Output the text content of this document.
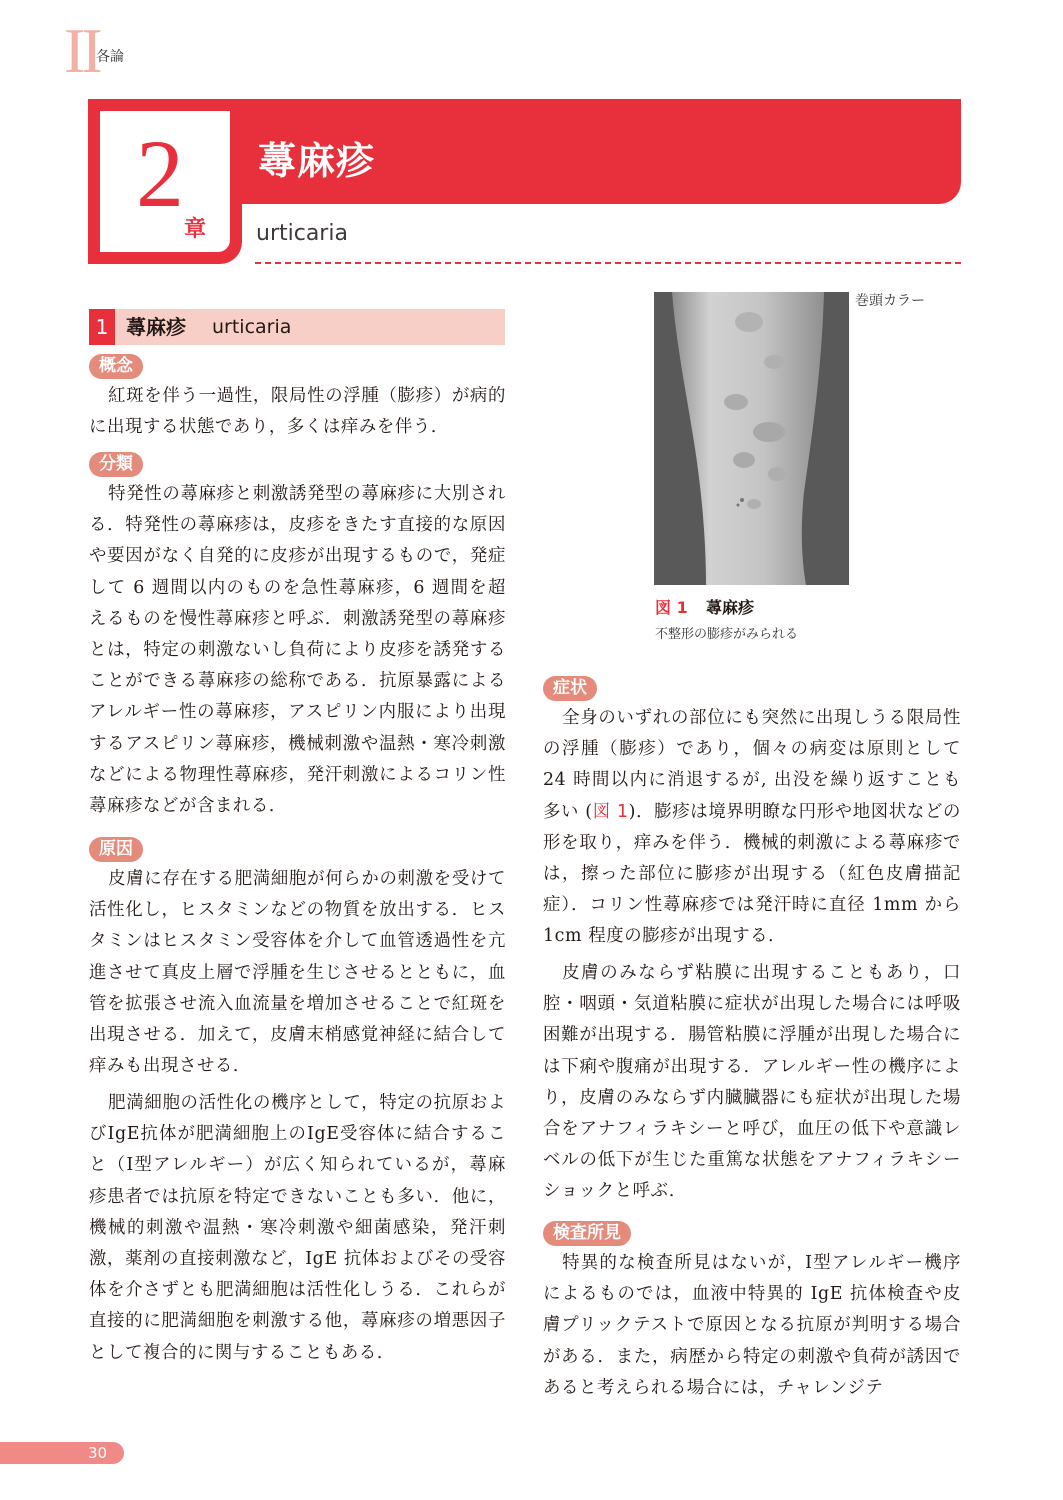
II
各論
2
章
蕁麻疹
urticaria
1 蕁麻疹 urticaria
概念

紅斑を伴う一過性，限局性の浮腫（膨疹）が病的に出現する状態であり，多くは痒みを伴う．

分類

特発性の蕁麻疹と刺激誘発型の蕁麻疹に大別される．特発性の蕁麻疹は，皮疹をきたす直接的な原因や要因がなく自発的に皮疹が出現するもので，発症して 6 週間以内のものを急性蕁麻疹，6 週間を超えるものを慢性蕁麻疹と呼ぶ．刺激誘発型の蕁麻疹とは，特定の刺激ないし負荷により皮疹を誘発することができる蕁麻疹の総称である．抗原暴露によるアレルギー性の蕁麻疹，アスピリン内服により出現するアスピリン蕁麻疹，機械刺激や温熱・寒冷刺激などによる物理性蕁麻疹，発汗刺激によるコリン性蕁麻疹などが含まれる．

原因

皮膚に存在する肥満細胞が何らかの刺激を受けて活性化し，ヒスタミンなどの物質を放出する．ヒスタミンはヒスタミン受容体を介して血管透過性を亢進させて真皮上層で浮腫を生じさせるとともに，血管を拡張させ流入血流量を増加させることで紅斑を出現させる．加えて，皮膚末梢感覚神経に結合して痒みも出現させる．

肥満細胞の活性化の機序として，特定の抗原およびIgE抗体が肥満細胞上のIgE受容体に結合すること（Ⅰ型アレルギー）が広く知られているが，蕁麻疹患者では抗原を特定できないことも多い．他に，機械的刺激や温熱・寒冷刺激や細菌感染，発汗刺激，薬剤の直接刺激など，IgE 抗体およびその受容体を介さずとも肥満細胞は活性化しうる．これらが直接的に肥満細胞を刺激する他，蕁麻疹の増悪因子として複合的に関与することもある．

巻頭カラー
図 1 蕁麻疹
不整形の膨疹がみられる
症状

全身のいずれの部位にも突然に出現しうる限局性の浮腫（膨疹）であり，個々の病変は原則として 24 時間以内に消退するが, 出没を繰り返すことも多い (図 1)．膨疹は境界明瞭な円形や地図状などの形を取り，痒みを伴う．機械的刺激による蕁麻疹では，擦った部位に膨疹が出現する（紅色皮膚描記症）．コリン性蕁麻疹では発汗時に直径 1mm から 1cm 程度の膨疹が出現する．

皮膚のみならず粘膜に出現することもあり，口腔・咽頭・気道粘膜に症状が出現した場合には呼吸困難が出現する．腸管粘膜に浮腫が出現した場合には下痢や腹痛が出現する．アレルギー性の機序により，皮膚のみならず内臓臓器にも症状が出現した場合をアナフィラキシーと呼び，血圧の低下や意識レベルの低下が生じた重篤な状態をアナフィラキシーショックと呼ぶ．

検査所見

特異的な検査所見はないが，Ⅰ型アレルギー機序によるものでは，血液中特異的 IgE 抗体検査や皮膚プリックテストで原因となる抗原が判明する場合がある．また，病歴から特定の刺激や負荷が誘因であると考えられる場合には，チャレンジテ

30
